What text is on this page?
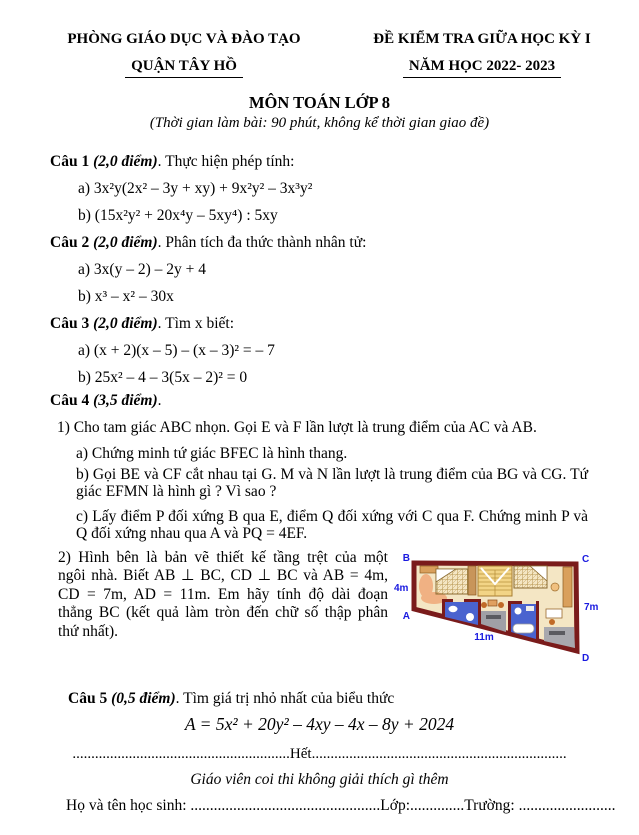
PHÒNG GIÁO DỤC VÀ ĐÀO TẠO
QUẬN TÂY HỒ
ĐỀ KIỂM TRA GIỮA HỌC KỲ I
NĂM HỌC 2022- 2023
MÔN TOÁN LỚP 8
(Thời gian làm bài: 90 phút, không kể thời gian giao đề)
Câu 1 (2,0 điểm). Thực hiện phép tính:
a) 3x²y(2x² – 3y + xy) + 9x²y² – 3x³y²
b) (15x²y² + 20x⁴y – 5xy⁴) : 5xy
Câu 2 (2,0 điểm). Phân tích đa thức thành nhân tử:
a) 3x(y – 2) – 2y + 4
b) x³ – x² – 30x
Câu 3 (2,0 điểm). Tìm x biết:
a) (x + 2)(x – 5) – (x – 3)² = – 7
b) 25x² – 4 – 3(5x – 2)² = 0
Câu 4 (3,5 điểm).
1) Cho tam giác ABC nhọn. Gọi E và F lần lượt là trung điểm của AC và AB.
a) Chứng minh tứ giác BFEC là hình thang.
b) Gọi BE và CF cắt nhau tại G. M và N lần lượt là trung điểm của BG và CG. Tứ
giác EFMN là hình gì ? Vì sao ?
c) Lấy điểm P đối xứng B qua E, điểm Q đối xứng với C qua F. Chứng minh P và
Q đối xứng nhau qua A và PQ = 4EF.
2) Hình bên là bản vẽ thiết kế tầng trệt của một
ngôi nhà. Biết AB ⊥ BC, CD ⊥ BC và AB = 4m,
CD = 7m, AD = 11m. Em hãy tính độ dài đoạn
thẳng BC (kết quả làm tròn đến chữ số thập phân
thứ nhất).
B	C
A
D
4m
7m
11m
Câu 5 (0,5 điểm). Tìm giá trị nhỏ nhất của biểu thức
A = 5x² + 20y² – 4xy – 4x – 8y + 2024
..........................................................Hết....................................................................
Giáo viên coi thi không giải thích gì thêm
Họ và tên học sinh: .................................................Lớp:..............Trường: .........................
